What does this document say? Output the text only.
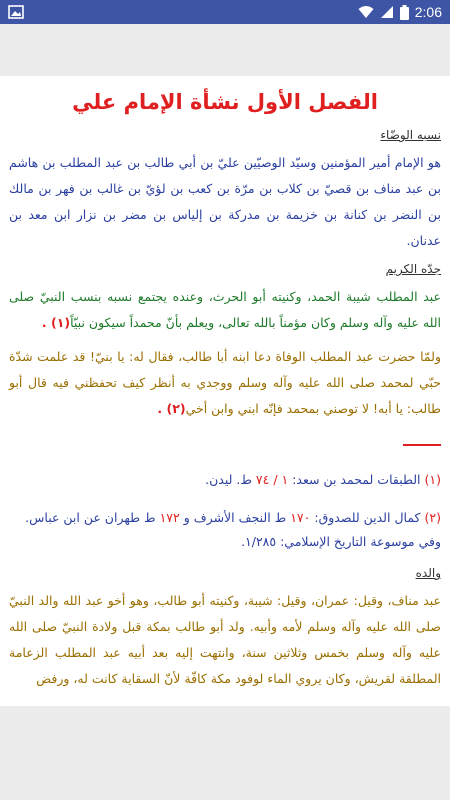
2:06
الفصل الأول نشأة الإمام علي
نسبه الوضّاء

هو الإمام أمير المؤمنين وسيّد الوصيّين عليّ بن أبي طالب بن عبد المطلب بن هاشم بن عبد مناف بن قصيّ بن كلاب بن مرّة بن كعب بن لؤيّ بن غالب بن فهر بن مالك بن النضر بن كنانة بن خزيمة بن مدركة بن إلياس بن مضر بن نزار ابن معد بن عدنان.

جدّه الكريم

عبد المطلب شيبة الحمد، وكنيته أبو الحرث، وعنده يجتمع نسبه بنسب النبيّ صلى الله عليه وآله وسلم وكان مؤمناً بالله تعالى، ويعلم بأنّ محمداً سيكون نبيّاً(١) .

ولمّا حضرت عبد المطلب الوفاة دعا ابنه أبا طالب، فقال له: يا بنيّ! قد علمت شدّة حبّي لمحمد صلى الله عليه وآله وسلم ووجدي به أنظر كيف تحفظني فيه قال أبو طالب: يا أبه! لا توصني بمحمد فإنّه ابني وابن أخي(٢) .

(١) الطبقات لمحمد بن سعد: ١ / ٧٤ ط. ليدن.

(٢) كمال الدين للصدوق: ١٧٠ ط النجف الأشرف و ١٧٢ ط طهران عن ابن عباس.
وفي موسوعة التاريخ الإسلامي: ١/٢٨٥.

والده

عبد مناف، وقيل: عمران، وقيل: شيبة، وكنيته أبو طالب، وهو أخو عبد الله والد النبيّ صلى الله عليه وآله وسلم لأمه وأبيه. ولد أبو طالب بمكة قبل ولادة النبيّ صلى الله عليه وآله وسلم بخمس وثلاثين سنة، وانتهت إليه بعد أبيه عبد المطلب الزعامة المطلقة لقريش، وكان يروي الماء لوفود مكة كافّة لأنّ السقاية كانت له، ورفض
